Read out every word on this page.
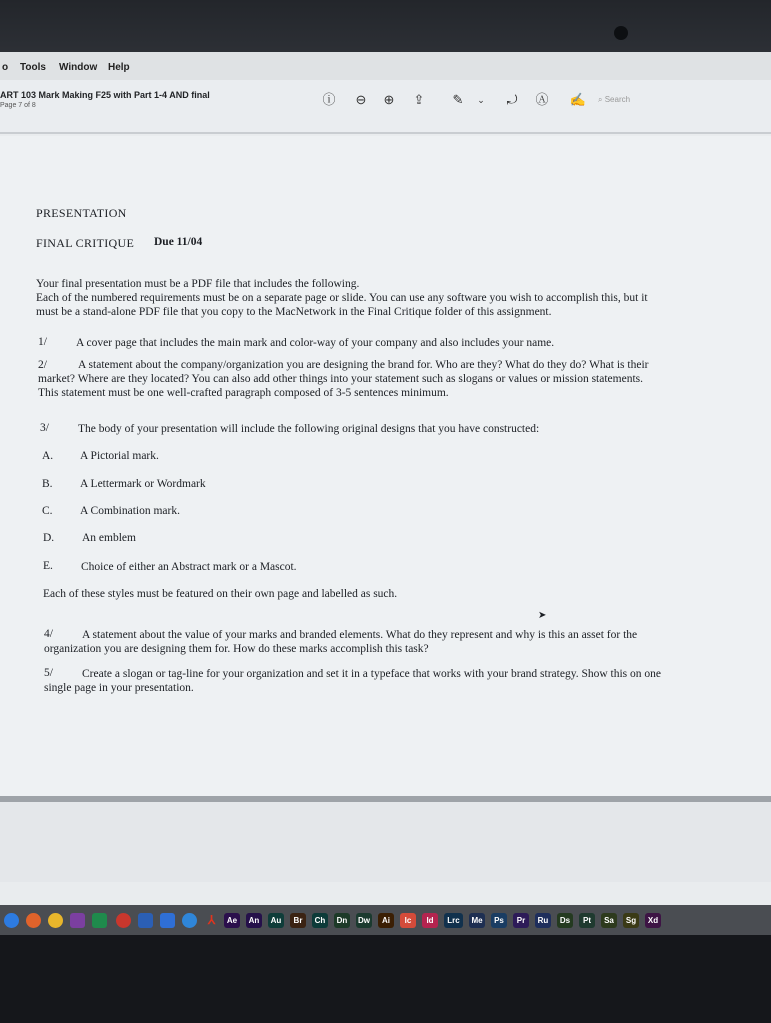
o Tools Window Help
ART 103 Mark Making F25 with Part 1-4 AND final
Page 7 of 8	ⓘ	⊖	⊕	⇪	✎	⌄	⤾	Ⓐ ✍ ⌕ Search
PRESENTATION
FINAL CRITIQUE Due 11/04
Your final presentation must be a PDF file that includes the following.
Each of the numbered requirements must be on a separate page or slide. You can use any software you wish to accomplish this, but it
must be a stand-alone PDF file that you copy to the MacNetwork in the Final Critique folder of this assignment.
1/	A cover page that includes the main mark and color-way of your company and also includes your name.
2/	A statement about the company/organization you are designing the brand for. Who are they? What do they do? What is their
market? Where are they located? You can also add other things into your statement such as slogans or values or mission statements.
This statement must be one well-crafted paragraph composed of 3-5 sentences minimum.
3/	The body of your presentation will include the following original designs that you have constructed:
A. A Pictorial mark.
B. A Lettermark or Wordmark
C. A Combination mark.
D. An emblem
E. Choice of either an Abstract mark or a Mascot.
Each of these styles must be featured on their own page and labelled as such.
➤
4/	A statement about the value of your marks and branded elements. What do they represent and why is this an asset for the
organization you are designing them for. How do these marks accomplish this task?
5/	Create a slogan or tag-line for your organization and set it in a typeface that works with your brand strategy. Show this on one
single page in your presentation.
⅄	Ae	An	Au	Br	Ch	Dn	Dw	Ai	Ic	Id	Lrc	Me	Ps	Pr	Ru	Ds	Pt	Sa	Sg	Xd
